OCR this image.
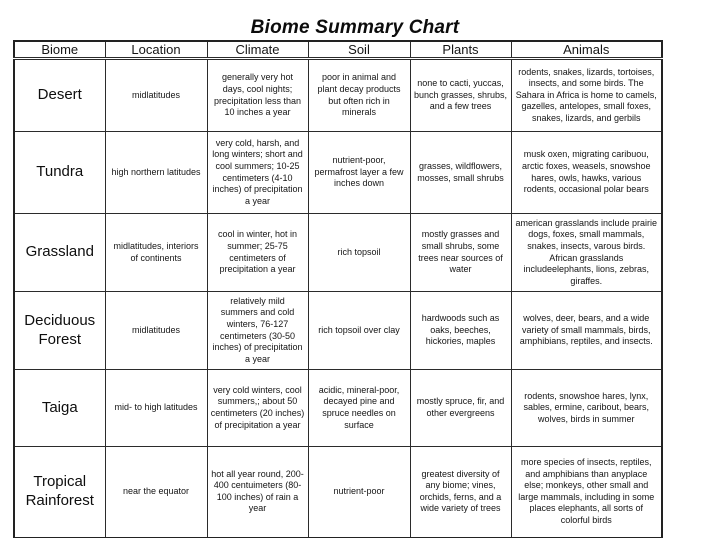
Biome Summary Chart
Biome	Location	Climate	Soil	Plants	Animals
Desert	midlatitudes	generally very hot days, cool nights; precipitation less than 10 inches a year	poor in animal and plant decay products but often rich in minerals	none to cacti, yuccas, bunch grasses, shrubs, and a few trees	rodents, snakes, lizards, tortoises, insects, and some birds. The Sahara in Africa is home to camels, gazelles, antelopes, small foxes, snakes, lizards, and gerbils
Tundra	high northern latitudes	very cold, harsh, and long winters; short and cool summers; 10-25 centimeters (4-10 inches) of precipitation a year	nutrient-poor, permafrost layer a few inches down	grasses, wildflowers, mosses, small shrubs	musk oxen, migrating caribuou, arctic foxes, weasels, snowshoe hares, owls, hawks, various rodents, occasional polar bears
Grassland	midlatitudes, interiors of continents	cool in winter, hot in summer; 25-75 centimeters of precipitation a year	rich topsoil	mostly grasses and small shrubs, some trees near sources of water	american grasslands include prairie dogs, foxes, small mammals, snakes, insects, varous birds. African grasslands includeelephants, lions, zebras, giraffes.
Deciduous Forest	midlatitudes	relatively mild summers and cold winters, 76-127 centimeters (30-50 inches) of precipitation a year	rich topsoil over clay	hardwoods such as oaks, beeches, hickories, maples	wolves, deer, bears, and a wide variety of small mammals, birds, amphibians, reptiles, and insects.
Taiga	mid- to high latitudes	very cold winters, cool summers,; about 50 centimeters (20 inches) of precipitation a year	acidic, mineral-poor, decayed pine and spruce needles on surface	mostly spruce, fir, and other evergreens	rodents, snowshoe hares, lynx, sables, ermine, caribout, bears, wolves, birds in summer
Tropical Rainforest	near the equator	hot all year round, 200-400 centuimeters (80-100 inches) of rain a year	nutrient-poor	greatest diversity of any biome; vines, orchids, ferns, and a wide variety of trees	more species of insects, reptiles, and amphibians than anyplace else; monkeys, other small and large mammals, including in some places elephants, all sorts of colorful birds
